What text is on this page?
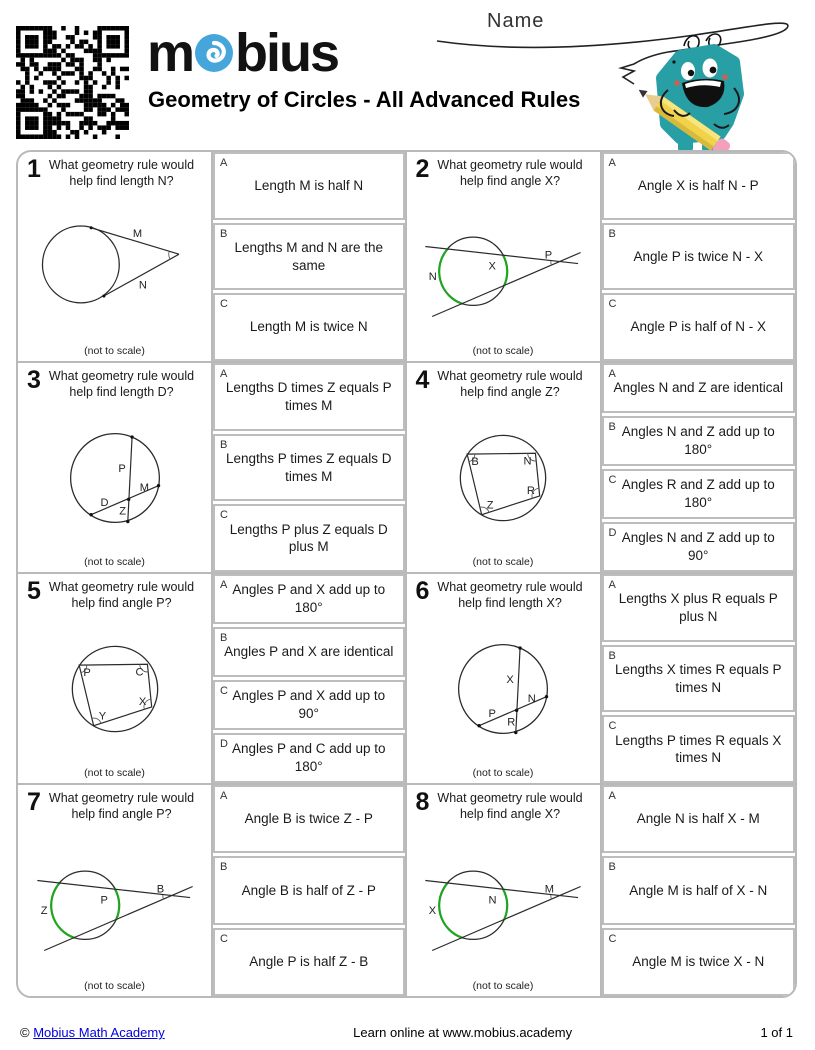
m bius
Geometry of Circles - All Advanced Rules
Name
1 What geometry rule would help find length N?
M
N
(not to scale)
A
Length M is half N
B
Lengths M and N are the same
C
Length M is twice N
2 What geometry rule would help find angle X?
N
X
P
(not to scale)
A
Angle X is half N - P
B
Angle P is twice N - X
C
Angle P is half of N - X
3 What geometry rule would help find length D?
P
M
D
Z
(not to scale)
A
Lengths D times Z equals P times M
B
Lengths P times Z equals D times M
C
Lengths P plus Z equals D plus M
4 What geometry rule would help find angle Z?
B	N
R
Z
(not to scale)
A
Angles N and Z are identical
B Angles N and Z add up to 180°
C Angles R and Z add up to 180°
D Angles N and Z add up to 90°
5 What geometry rule would help find angle P?
P	C
X
Y
(not to scale)
A Angles P and X add up to 180°
B
Angles P and X are identical
C Angles P and X add up to 90°
D Angles P and C add up to 180°
6 What geometry rule would help find length X?
X
N
P
R
(not to scale)
A
Lengths X plus R equals P plus N
B
Lengths X times R equals P times N
C
Lengths P times R equals X times N
7 What geometry rule would help find angle P?
Z
P
B
(not to scale)
A
Angle B is twice Z - P
B
Angle B is half of Z - P
C
Angle P is half Z - B
8 What geometry rule would help find angle X?
X
N
M
(not to scale)
A
Angle N is half X - M
B
Angle M is half of X - N
C
Angle M is twice X - N
© Mobius Math Academy	Learn online at www.mobius.academy	1 of 1
